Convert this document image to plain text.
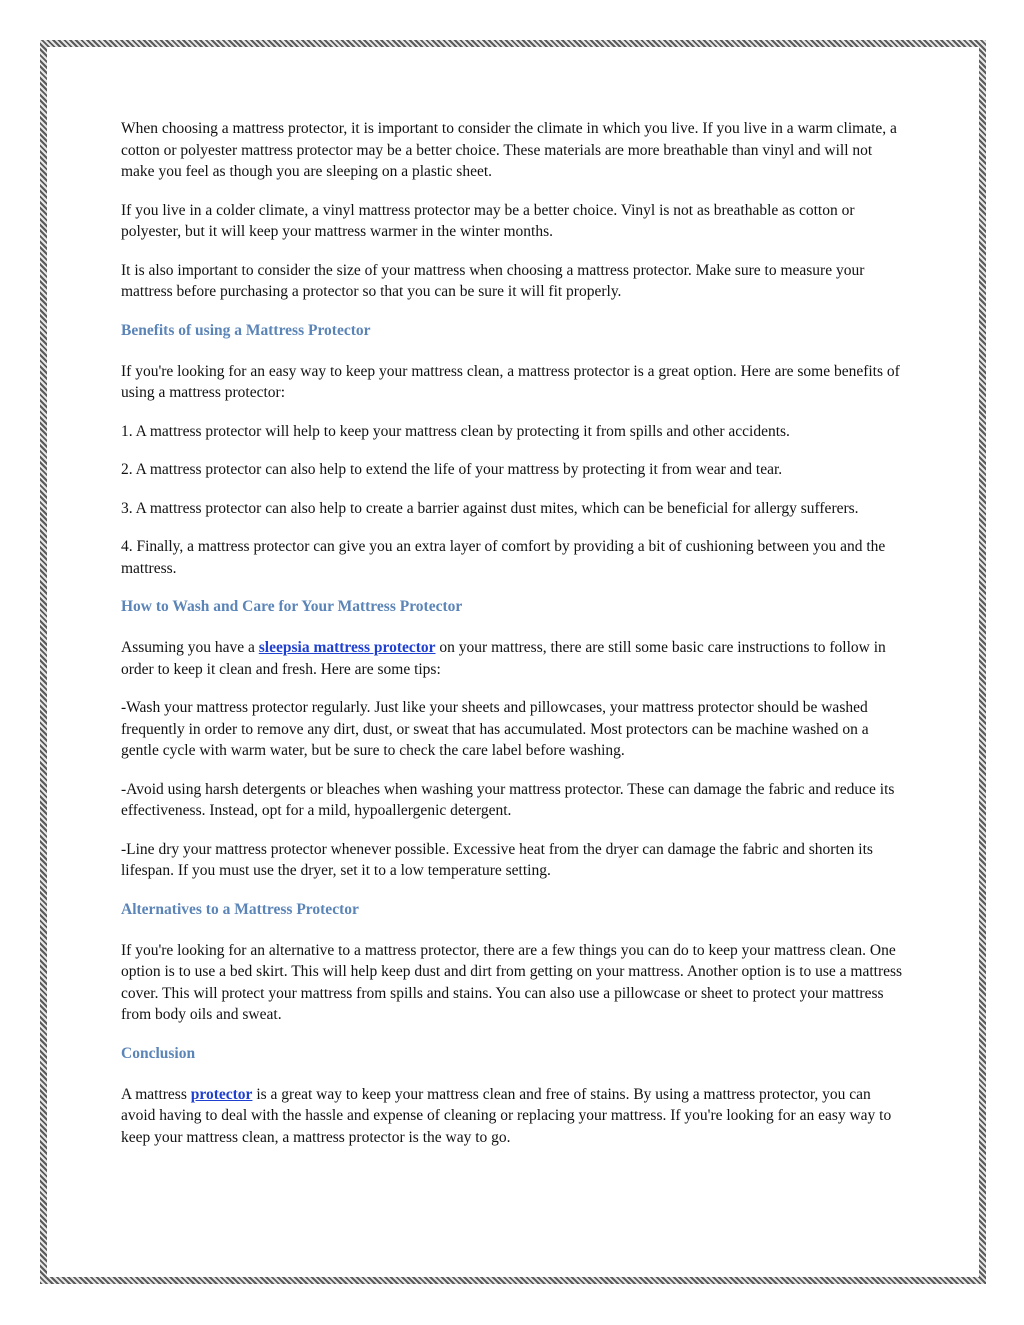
When choosing a mattress protector, it is important to consider the climate in which you live. If you live in a warm climate, a cotton or polyester mattress protector may be a better choice. These materials are more breathable than vinyl and will not make you feel as though you are sleeping on a plastic sheet.

If you live in a colder climate, a vinyl mattress protector may be a better choice. Vinyl is not as breathable as cotton or polyester, but it will keep your mattress warmer in the winter months.

It is also important to consider the size of your mattress when choosing a mattress protector. Make sure to measure your mattress before purchasing a protector so that you can be sure it will fit properly.

Benefits of using a Mattress Protector

If you're looking for an easy way to keep your mattress clean, a mattress protector is a great option. Here are some benefits of using a mattress protector:

1. A mattress protector will help to keep your mattress clean by protecting it from spills and other accidents.

2. A mattress protector can also help to extend the life of your mattress by protecting it from wear and tear.

3. A mattress protector can also help to create a barrier against dust mites, which can be beneficial for allergy sufferers.

4. Finally, a mattress protector can give you an extra layer of comfort by providing a bit of cushioning between you and the mattress.

How to Wash and Care for Your Mattress Protector

Assuming you have a sleepsia mattress protector on your mattress, there are still some basic care instructions to follow in order to keep it clean and fresh. Here are some tips:

-Wash your mattress protector regularly. Just like your sheets and pillowcases, your mattress protector should be washed frequently in order to remove any dirt, dust, or sweat that has accumulated. Most protectors can be machine washed on a gentle cycle with warm water, but be sure to check the care label before washing.

-Avoid using harsh detergents or bleaches when washing your mattress protector. These can damage the fabric and reduce its effectiveness. Instead, opt for a mild, hypoallergenic detergent.

-Line dry your mattress protector whenever possible. Excessive heat from the dryer can damage the fabric and shorten its lifespan. If you must use the dryer, set it to a low temperature setting.

Alternatives to a Mattress Protector

If you're looking for an alternative to a mattress protector, there are a few things you can do to keep your mattress clean. One option is to use a bed skirt. This will help keep dust and dirt from getting on your mattress. Another option is to use a mattress cover. This will protect your mattress from spills and stains. You can also use a pillowcase or sheet to protect your mattress from body oils and sweat.

Conclusion

A mattress protector is a great way to keep your mattress clean and free of stains. By using a mattress protector, you can avoid having to deal with the hassle and expense of cleaning or replacing your mattress. If you're looking for an easy way to keep your mattress clean, a mattress protector is the way to go.
